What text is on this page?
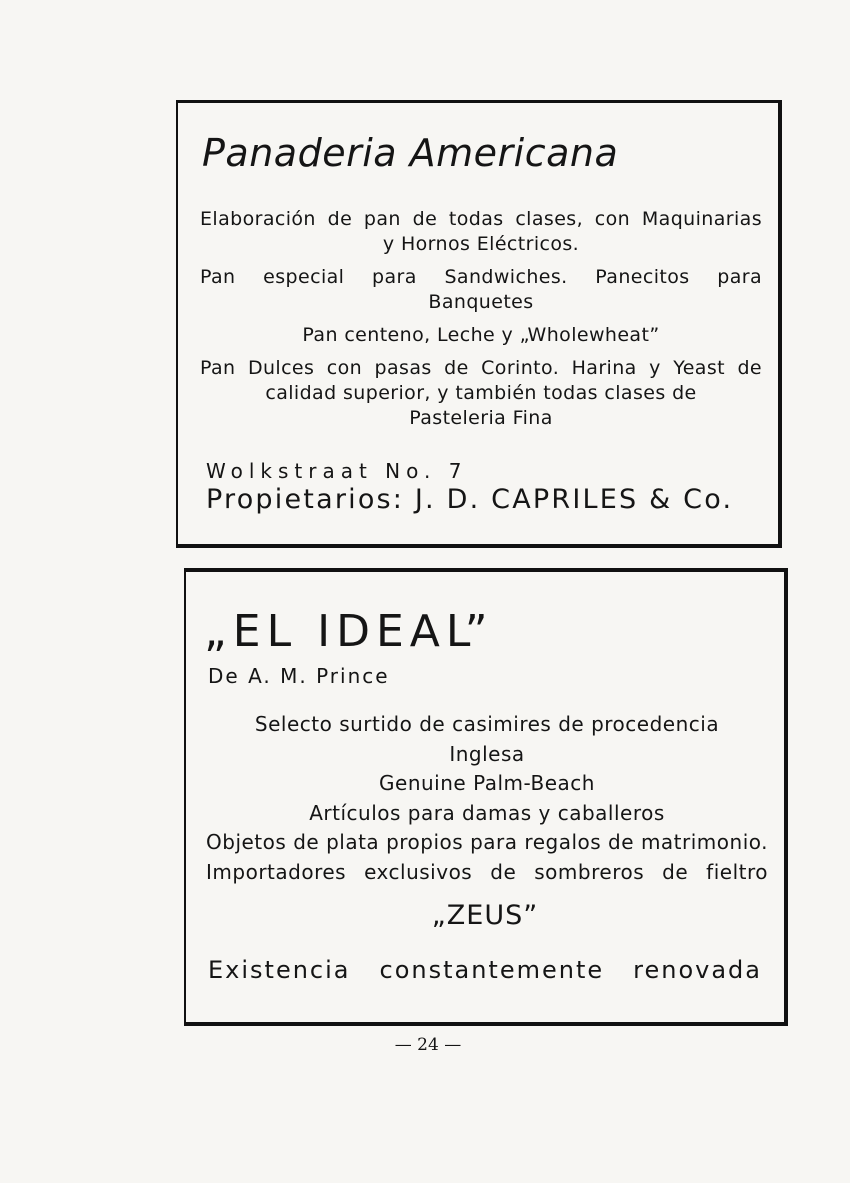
Panaderia Americana
Elaboración de pan de todas clases, con Maquinarias
y Hornos Eléctricos.
Pan especial para Sandwiches. Panecitos para
Banquetes
Pan centeno, Leche y „Wholewheat”
Pan Dulces con pasas de Corinto. Harina y Yeast de
calidad superior, y también todas clases de
Pasteleria Fina
Wolkstraat No. 7
Propietarios: J. D. CAPRILES & Co.
„EL IDEAL”
De A. M. Prince
Selecto surtido de casimires de procedencia
Inglesa
Genuine Palm-Beach
Artículos para damas y caballeros
Objetos de plata propios para regalos de matrimonio.
Importadores exclusivos de sombreros de fieltro
„ZEUS”
Existencia constantemente renovada
— 24 —
